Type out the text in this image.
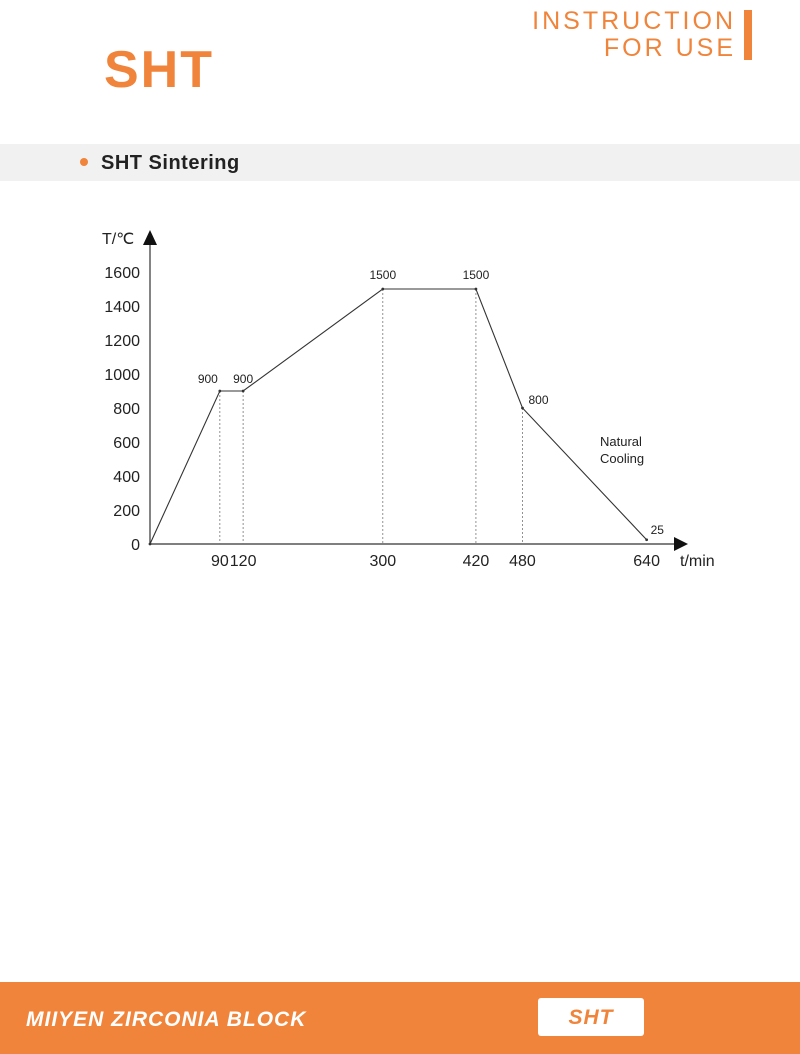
SHT
INSTRUCTION
FOR USE
SHT Sintering
T/℃
t/min
0
200
400
600
800
1000
1200
1400
1600
90 120	300	420 480	640
900 900
1500	1500
800
25
Natural
Cooling
MIIYEN ZIRCONIA BLOCK	SHT
